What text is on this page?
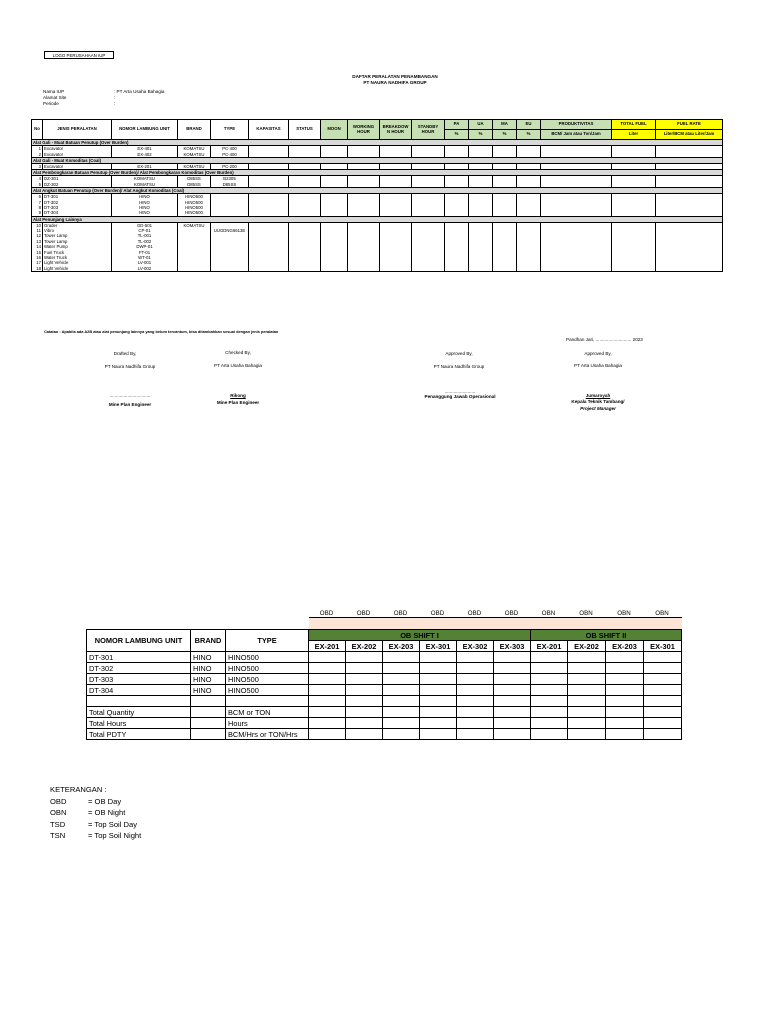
LOGO PERUSAHAAN IUP
DAFTAR PERALATAN PENAMBANGAN
PT NAURA NADHIFA GROUP
Nama IUP	: PT Arta Usaha Bahagia
Alamat Site	:
Periode	:
No	JENIS PERALATAN	NOMOR LAMBUNG UNIT	BRAND	TYPE	KAPASITAS	STATUS	MOON	WORKING HOUR	BREAKDOW N HOUR	STANDBY HOUR	PA	UA	MA	EU	PRODUKTIVITAS	TOTAL FUEL	FUEL RATE
											%	%	%	%	BCM/ Jam atau Ton/Jam	Liter	Liter/BCM atau Liter/Jam
Alat Gali - Muat Batuan Penutup (Over Burden)																	
1	Excavator	EX-401	KOMATSU	PC-400													
2	Excavator	EX-402	KOMATSU	PC-400													
Alat Gali - Muat Komoditas (Coal)																	
3	Excavator	EX-201	KOMATSU	PC-200													
Alat Pembongkaran Batuan Penutup (Over Burden)/ Alat Pembongkaran Komoditas (Over Burden)																	
4	DZ-301	KOMATSU	D85SS	B2305													
5	DZ-302	KOMATSU	D85SS	D85SS													
Alat Angkut Batuan Penutup (Over Burden)/ Alat Angkut Komoditas (Coal)																	
6	DT-301	HINO	HINO500														
7	DT-302	HINO	HINO500														
8	DT-303	HINO	HINO500														
9	DT-304	HINO	HINO500														
Alat Penunjang Lainnya																	
10	Grader	GD-501	KOMATSU														
11	Vibro	CP-01		UUGDNG6613E													
12	Tower Lamp	TL-001															
13	Tower Lamp	TL-002															
14	Water Pump	DWP-01															
15	Fuel Truck	FT-01															
16	Water Truck	WT-01															
17	Light Vehicle	LV-001															
18	Light Vehicle	LV-002															
Catatan : Apabila ada A2B atau alat penunjang lainnya yang belum tercantum, bisa ditambahkan sesuai dengan jenis peralatan
Pandhan Jari, ............................ 2023
Drafted By,	Checked By,	Approved By,	Approved By,
PT Naura Nadhifa Group	PT Arta Usaha Bahagia	PT Naura Nadhifa Group	PT Arta Usaha Bahagia
................................	Rikong
........................
Jumaroyah
Mine Plan Engineer	Mine Plan Engineer
Penanggung Jawab Operasional
Kepala Teknik Tambang/
Project Manager
OBD	OBD	OBD	OBD	OBD	OBD	OBN	OBN	OBN	OBN

NOMOR LAMBUNG UNIT	BRAND	TYPE	OB SHIFT I						OB SHIFT II			
			EX-201	EX-202	EX-203	EX-301	EX-302	EX-303	EX-201	EX-202	EX-203	EX-301
DT-301	HINO	HINO500										
DT-302	HINO	HINO500										
DT-303	HINO	HINO500										
DT-304	HINO	HINO500										

Total Quantity		BCM or TON										
Total Hours		Hours										
Total PDTY		BCM/Hrs or TON/Hrs										
KETERANGAN :
OBD	= OB Day
OBN	= OB Night
TSD	= Top Soil Day
TSN	= Top Soil Night
